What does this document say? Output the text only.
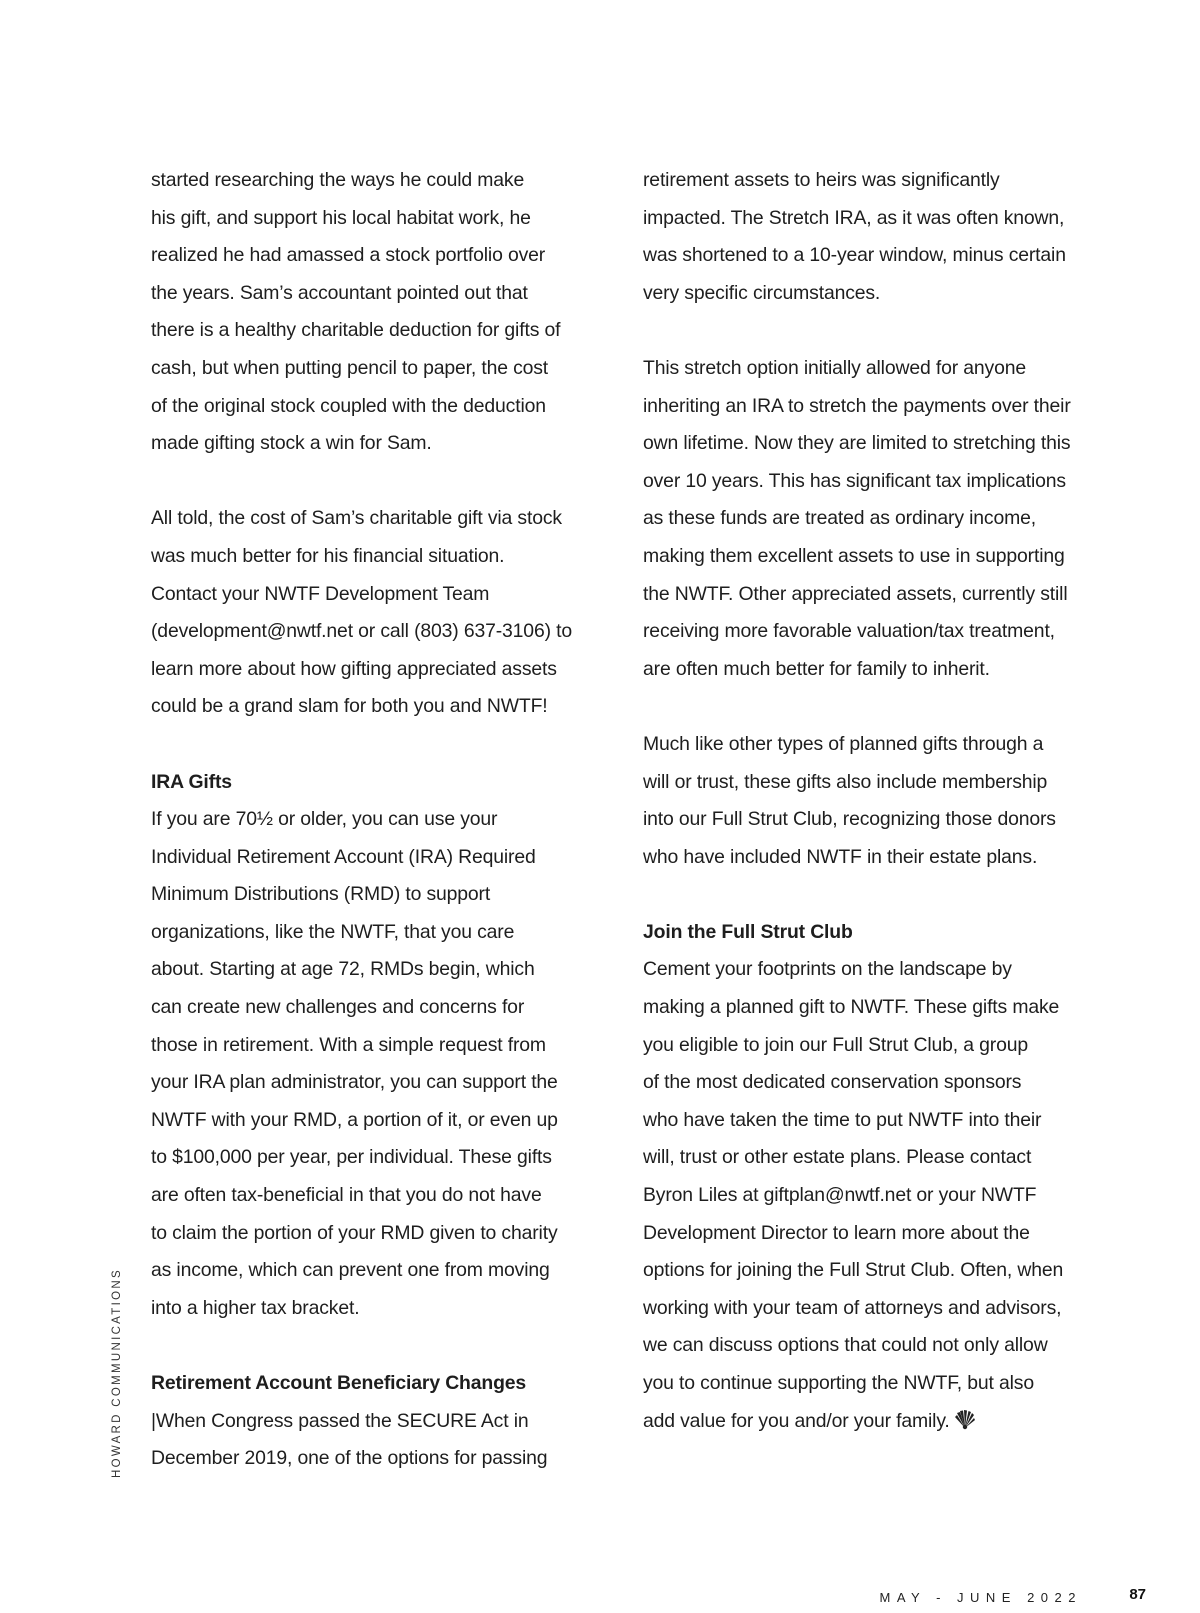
started researching the ways he could make

his gift, and support his local habitat work, he

realized he had amassed a stock portfolio over

the years. Sam’s accountant pointed out that

there is a healthy charitable deduction for gifts of

cash, but when putting pencil to paper, the cost

of the original stock coupled with the deduction

made gifting stock a win for Sam.

All told, the cost of Sam’s charitable gift via stock

was much better for his financial situation.

Contact your NWTF Development Team

(development@nwtf.net or call (803) 637-3106) to

learn more about how gifting appreciated assets

could be a grand slam for both you and NWTF!

IRA Gifts

If you are 70½ or older, you can use your

Individual Retirement Account (IRA) Required

Minimum Distributions (RMD) to support

organizations, like the NWTF, that you care

about. Starting at age 72, RMDs begin, which

can create new challenges and concerns for

those in retirement. With a simple request from

your IRA plan administrator, you can support the

NWTF with your RMD, a portion of it, or even up

to $100,000 per year, per individual. These gifts

are often tax-beneficial in that you do not have

to claim the portion of your RMD given to charity

as income, which can prevent one from moving

into a higher tax bracket.

Retirement Account Beneficiary Changes

|When Congress passed the SECURE Act in

December 2019, one of the options for passing

retirement assets to heirs was significantly

impacted. The Stretch IRA, as it was often known,

was shortened to a 10-year window, minus certain

very specific circumstances.

This stretch option initially allowed for anyone

inheriting an IRA to stretch the payments over their

own lifetime. Now they are limited to stretching this

over 10 years. This has significant tax implications

as these funds are treated as ordinary income,

making them excellent assets to use in supporting

the NWTF. Other appreciated assets, currently still

receiving more favorable valuation/tax treatment,

are often much better for family to inherit.

Much like other types of planned gifts through a

will or trust, these gifts also include membership

into our Full Strut Club, recognizing those donors

who have included NWTF in their estate plans.

Join the Full Strut Club

Cement your footprints on the landscape by

making a planned gift to NWTF. These gifts make

you eligible to join our Full Strut Club, a group

of the most dedicated conservation sponsors

who have taken the time to put NWTF into their

will, trust or other estate plans. Please contact

Byron Liles at giftplan@nwtf.net or your NWTF

Development Director to learn more about the

options for joining the Full Strut Club. Often, when

working with your team of attorneys and advisors,

we can discuss options that could not only allow

you to continue supporting the NWTF, but also

add value for you and/or your family.

HOWARD COMMUNICATIONS
MAY - JUNE 2022	87
